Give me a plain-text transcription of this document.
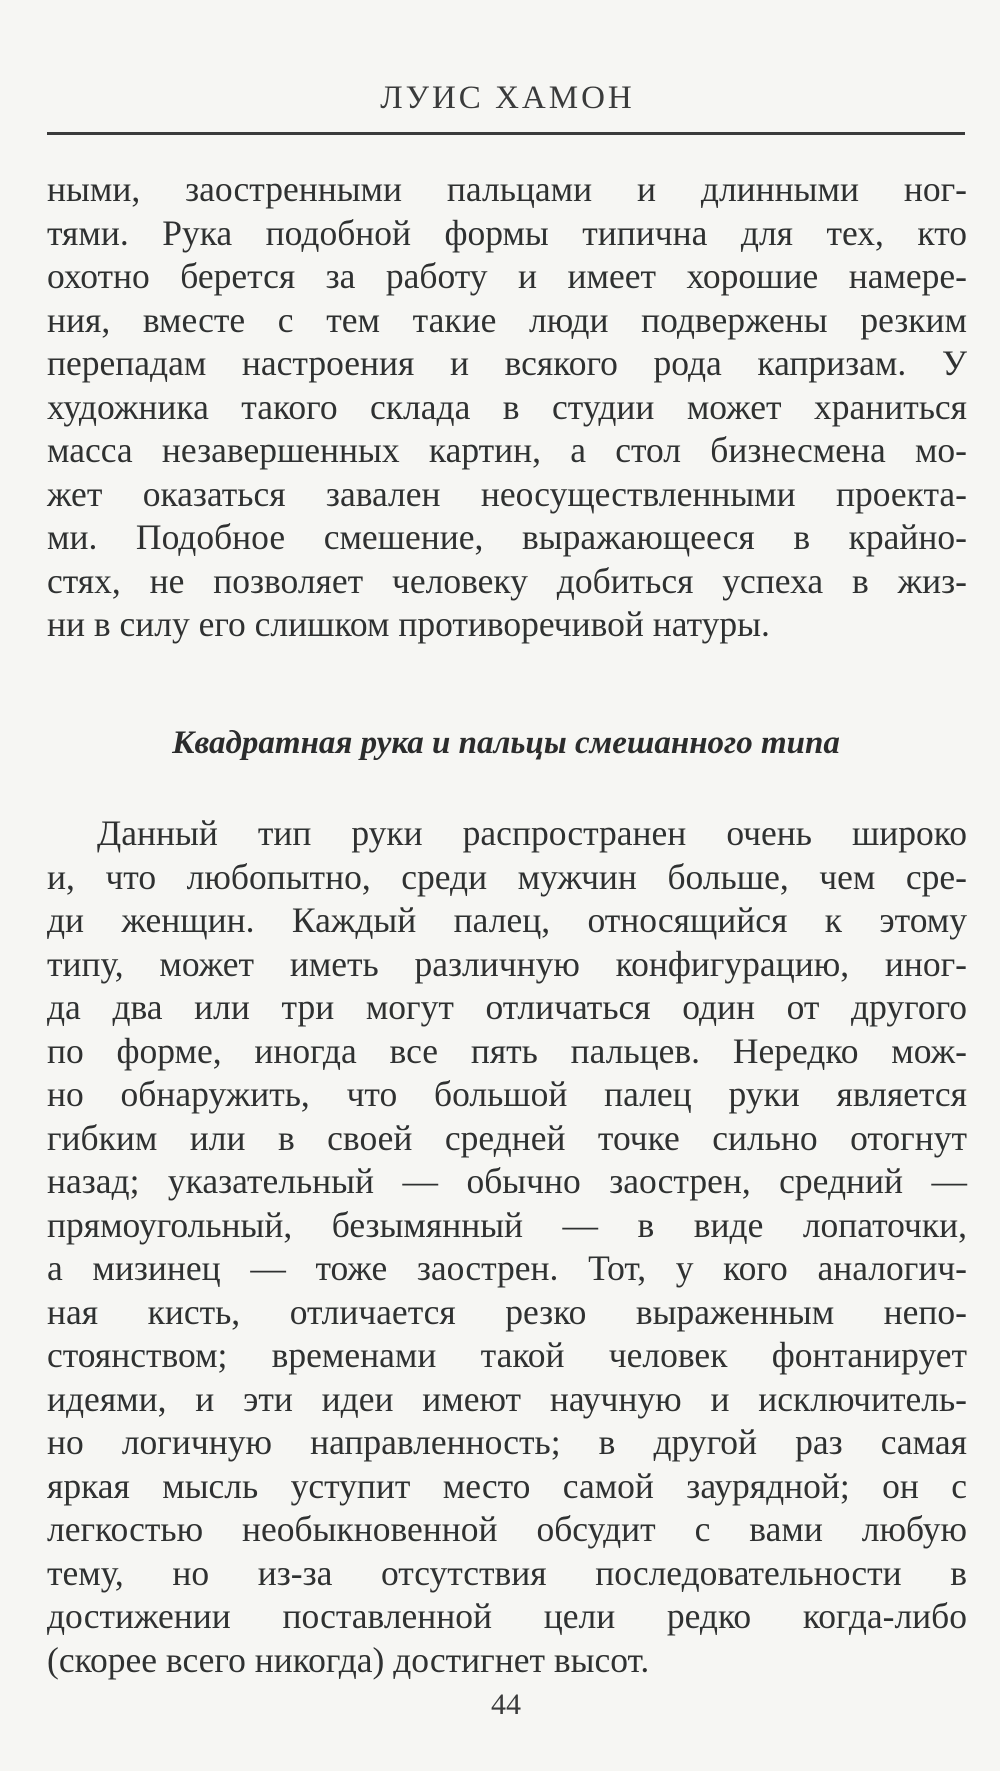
ЛУИС ХАМОН
ными, заостренными пальцами и длинными ног-
тями. Рука подобной формы типична для тех, кто
охотно берется за работу и имеет хорошие намере-
ния, вместе с тем такие люди подвержены резким
перепадам настроения и всякого рода капризам. У
художника такого склада в студии может храниться
масса незавершенных картин, а стол бизнесмена мо-
жет оказаться завален неосуществленными проекта-
ми. Подобное смешение, выражающееся в крайно-
стях, не позволяет человеку добиться успеха в жиз-
ни в силу его слишком противоречивой натуры.
Квадратная рука и пальцы смешанного типа
Данный тип руки распространен очень широко
и, что любопытно, среди мужчин больше, чем сре-
ди женщин. Каждый палец, относящийся к этому
типу, может иметь различную конфигурацию, иног-
да два или три могут отличаться один от другого
по форме, иногда все пять пальцев. Нередко мож-
но обнаружить, что большой палец руки является
гибким или в своей средней точке сильно отогнут
назад; указательный — обычно заострен, средний —
прямоугольный, безымянный — в виде лопаточки,
а мизинец — тоже заострен. Тот, у кого аналогич-
ная кисть, отличается резко выраженным непо-
стоянством; временами такой человек фонтанирует
идеями, и эти идеи имеют научную и исключитель-
но логичную направленность; в другой раз самая
яркая мысль уступит место самой заурядной; он с
легкостью необыкновенной обсудит с вами любую
тему, но из-за отсутствия последовательности в
достижении поставленной цели редко когда-либо
(скорее всего никогда) достигнет высот.
44
